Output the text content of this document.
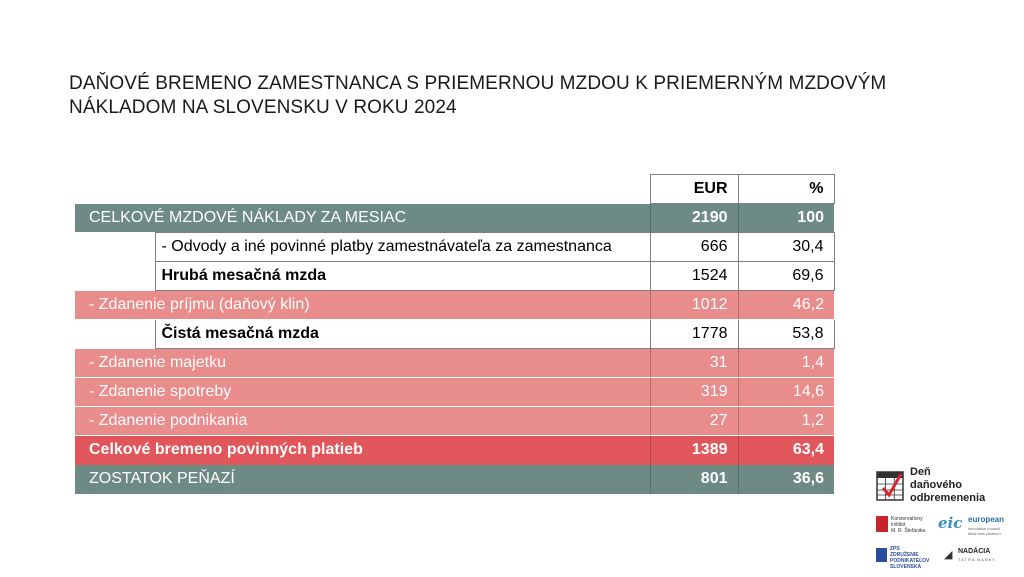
DAŇOVÉ BREMENO ZAMESTNANCA S PRIEMERNOU MZDOU K PRIEMERNÝM MZDOVÝM NÁKLADOM NA SLOVENSKU V ROKU 2024
		EUR	%
CELKOVÉ MZDOVÉ NÁKLADY ZA MESIAC		2190	100
	- Odvody a iné povinné platby zamestnávateľa za zamestnanca	666	30,4
	Hrubá mesačná mzda	1524	69,6
- Zdanenie príjmu (daňový klin)		1012	46,2
	Čistá mesačná mzda	1778	53,8
- Zdanenie majetku		31	1,4
- Zdanenie spotreby		319	14,6
- Zdanenie podnikania		27	1,2
Celkové bremeno povinných platieb		1389	63,4
ZOSTATOK PEŇAZÍ		801	36,6	Deň
daňového
odbremenenia
Konzervatívny
inštitút
M. R. Štefánika eic european
innovation council
think tank platform
ZPS
ZDRUŽENIE PODNIKATEĽOV
SLOVENSKA
◢ NADÁCIA
TATRA BANKY
